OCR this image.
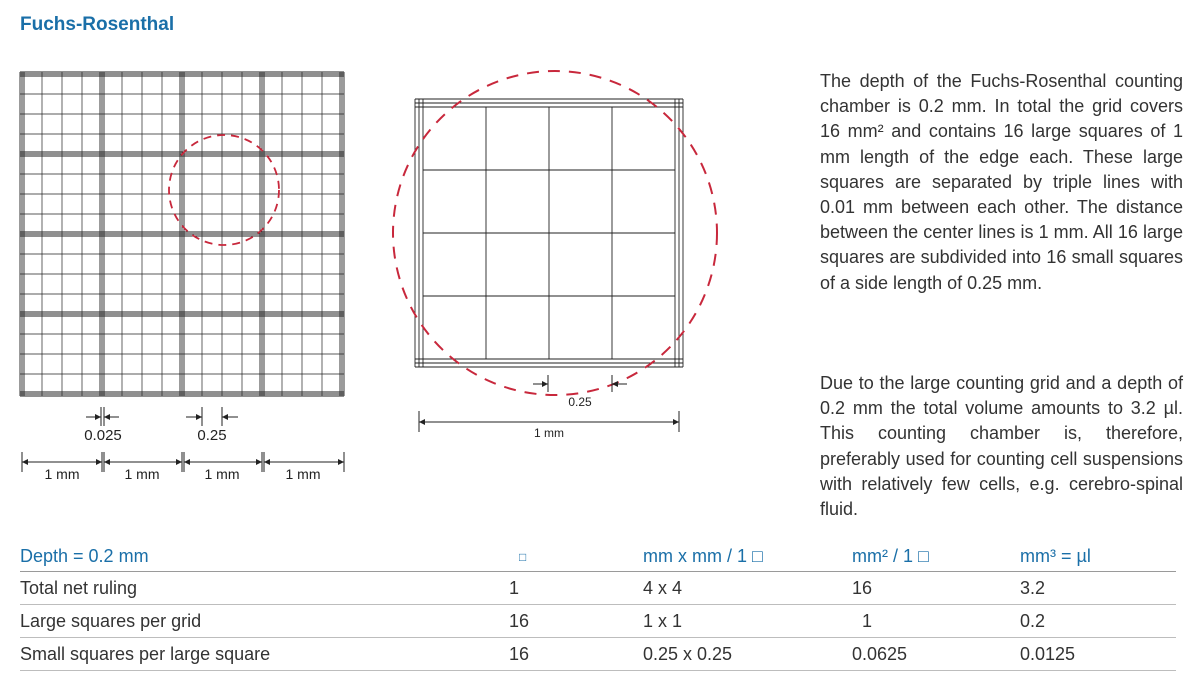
Fuchs-Rosenthal
0.025	0.25
1 mm	1 mm	1 mm	1 mm
0.25
1 mm

The depth of the Fuchs-Rosenthal counting chamber is 0.2 mm. In total the grid covers 16 mm² and contains 16 large squares of 1 mm length of the edge each. These large squares are separated by triple lines with 0.01 mm between each other. The distance between the center lines is 1 mm. All 16 large squares are subdivided into 16 small squares of a side length of 0.25 mm.

Due to the large counting grid and a depth of 0.2 mm the total volume amounts to 3.2 µl. This counting chamber is, therefore, preferably used for counting cell suspensions with relatively few cells, e.g. cerebro-spinal fluid.

Depth = 0.2 mm	□	mm x mm / 1 □	mm² / 1 □	mm³ = µl
Total net ruling	1	4 x 4	16	3.2
Large squares per grid	16	1 x 1	1	0.2
Small squares per large square	16	0.25 x 0.25	0.0625	0.0125
